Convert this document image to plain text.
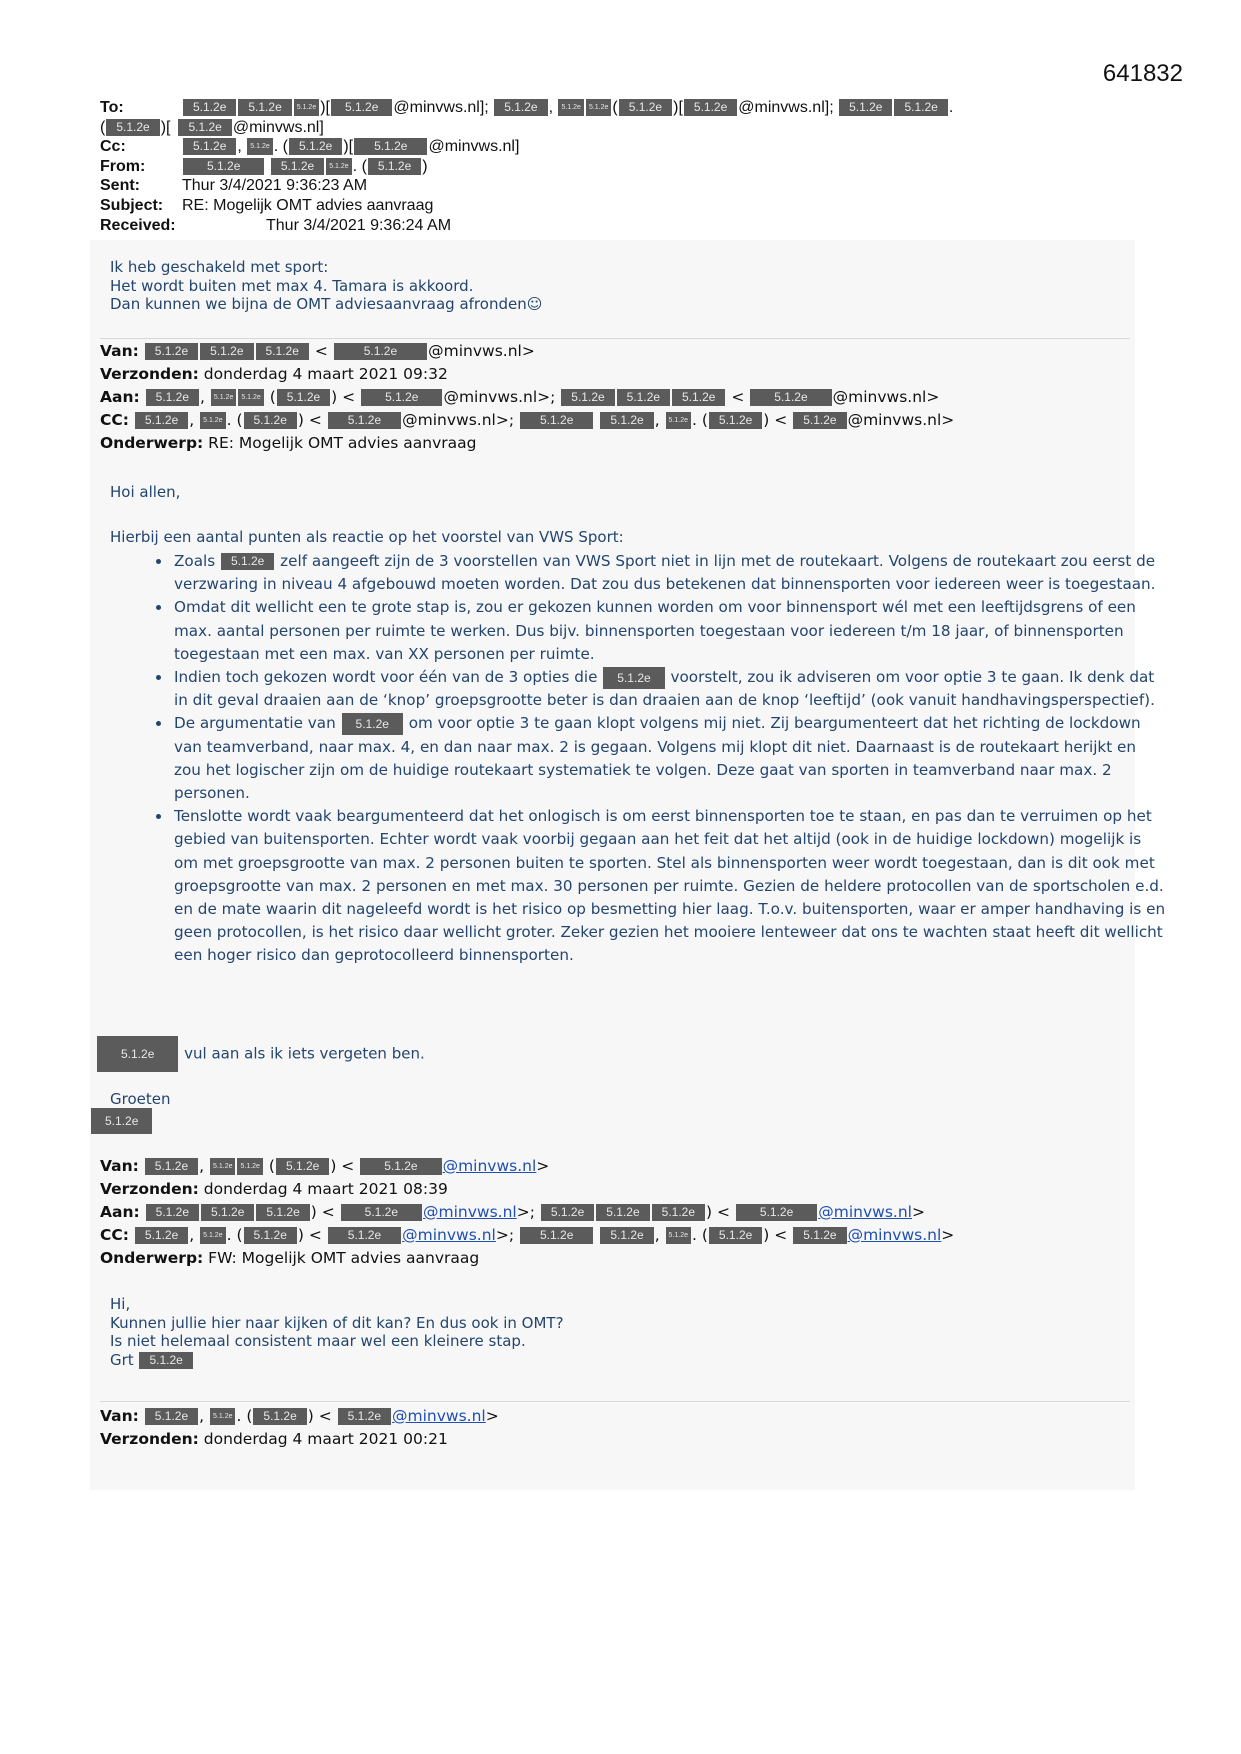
641832
To:	5.1.2e 5.1.2e 5.1.2e )[ 5.1.2e @minvws.nl]; 5.1.2e , 5.1.2e 5.1.2e ( 5.1.2e )[ 5.1.2e @minvws.nl]; 5.1.2e 5.1.2e .
( 5.1.2e )[ 5.1.2e @minvws.nl]
Cc:	5.1.2e , 5.1.2e . ( 5.1.2e )[ 5.1.2e @minvws.nl]
From:	5.1.2e	5.1.2e 5.1.2e . ( 5.1.2e )
Sent:	Thur 3/4/2021 9:36:23 AM
Subject: RE: Mogelijk OMT advies aanvraag
Received:	Thur 3/4/2021 9:36:24 AM
Ik heb geschakeld met sport:
Het wordt buiten met max 4. Tamara is akkoord.
Dan kunnen we bijna de OMT adviesaanvraag afronden☺
Van: 5.1.2e 5.1.2e 5.1.2e <	5.1.2e @minvws.nl>
Verzonden: donderdag 4 maart 2021 09:32
Aan: 5.1.2e , 5.1.2e 5.1.2e ( 5.1.2e ) < 5.1.2e @minvws.nl>; 5.1.2e 5.1.2e 5.1.2e < 5.1.2e @minvws.nl>
CC: 5.1.2e , 5.1.2e . ( 5.1.2e ) < 5.1.2e @minvws.nl>; 5.1.2e	5.1.2e , 5.1.2e . ( 5.1.2e ) < 5.1.2e @minvws.nl>
Onderwerp: RE: Mogelijk OMT advies aanvraag
Hoi allen,
Hierbij een aantal punten als reactie op het voorstel van VWS Sport:
• Zoals 5.1.2e zelf aangeeft zijn de 3 voorstellen van VWS Sport niet in lijn met de routekaart. Volgens de routekaart zou eerst de verzwaring in niveau 4 afgebouwd moeten worden. Dat zou dus betekenen dat binnensporten voor iedereen weer is toegestaan.
• Omdat dit wellicht een te grote stap is, zou er gekozen kunnen worden om voor binnensport wél met een leeftijdsgrens of een max. aantal personen per ruimte te werken. Dus bijv. binnensporten toegestaan voor iedereen t/m 18 jaar, of binnensporten toegestaan met een max. van XX personen per ruimte.
• Indien toch gekozen wordt voor één van de 3 opties die 5.1.2e voorstelt, zou ik adviseren om voor optie 3 te gaan. Ik denk dat in dit geval draaien aan de ‘knop’ groepsgrootte beter is dan draaien aan de knop ‘leeftijd’ (ook vanuit handhavingsperspectief).
• De argumentatie van 5.1.2e om voor optie 3 te gaan klopt volgens mij niet. Zij beargumenteert dat het richting de lockdown van teamverband, naar max. 4, en dan naar max. 2 is gegaan. Volgens mij klopt dit niet. Daarnaast is de routekaart herijkt en zou het logischer zijn om de huidige routekaart systematiek te volgen. Deze gaat van sporten in teamverband naar max. 2 personen.
• Tenslotte wordt vaak beargumenteerd dat het onlogisch is om eerst binnensporten toe te staan, en pas dan te verruimen op het gebied van buitensporten. Echter wordt vaak voorbij gegaan aan het feit dat het altijd (ook in de huidige lockdown) mogelijk is om met groepsgrootte van max. 2 personen buiten te sporten. Stel als binnensporten weer wordt toegestaan, dan is dit ook met groepsgrootte van max. 2 personen en met max. 30 personen per ruimte. Gezien de heldere protocollen van de sportscholen e.d. en de mate waarin dit nageleefd wordt is het risico op besmetting hier laag. T.o.v. buitensporten, waar er amper handhaving is en geen protocollen, is het risico daar wellicht groter. Zeker gezien het mooiere lenteweer dat ons te wachten staat heeft dit wellicht een hoger risico dan geprotocolleerd binnensporten.
5.1.2e vul aan als ik iets vergeten ben.
Groeten
5.1.2e
Van: 5.1.2e , 5.1.2e 5.1.2e ( 5.1.2e ) < 5.1.2e @minvws.nl>
Verzonden: donderdag 4 maart 2021 08:39
Aan: 5.1.2e 5.1.2e 5.1.2e ) < 5.1.2e @minvws.nl>; 5.1.2e 5.1.2e 5.1.2e ) < 5.1.2e @minvws.nl>
CC: 5.1.2e , 5.1.2e . ( 5.1.2e ) < 5.1.2e @minvws.nl>; 5.1.2e	5.1.2e , 5.1.2e . ( 5.1.2e ) < 5.1.2e @minvws.nl>
Onderwerp: FW: Mogelijk OMT advies aanvraag
Hi,
Kunnen jullie hier naar kijken of dit kan? En dus ook in OMT?
Is niet helemaal consistent maar wel een kleinere stap.
Grt 5.1.2e
Van: 5.1.2e , 5.1.2e . ( 5.1.2e ) < 5.1.2e @minvws.nl>
Verzonden: donderdag 4 maart 2021 00:21
